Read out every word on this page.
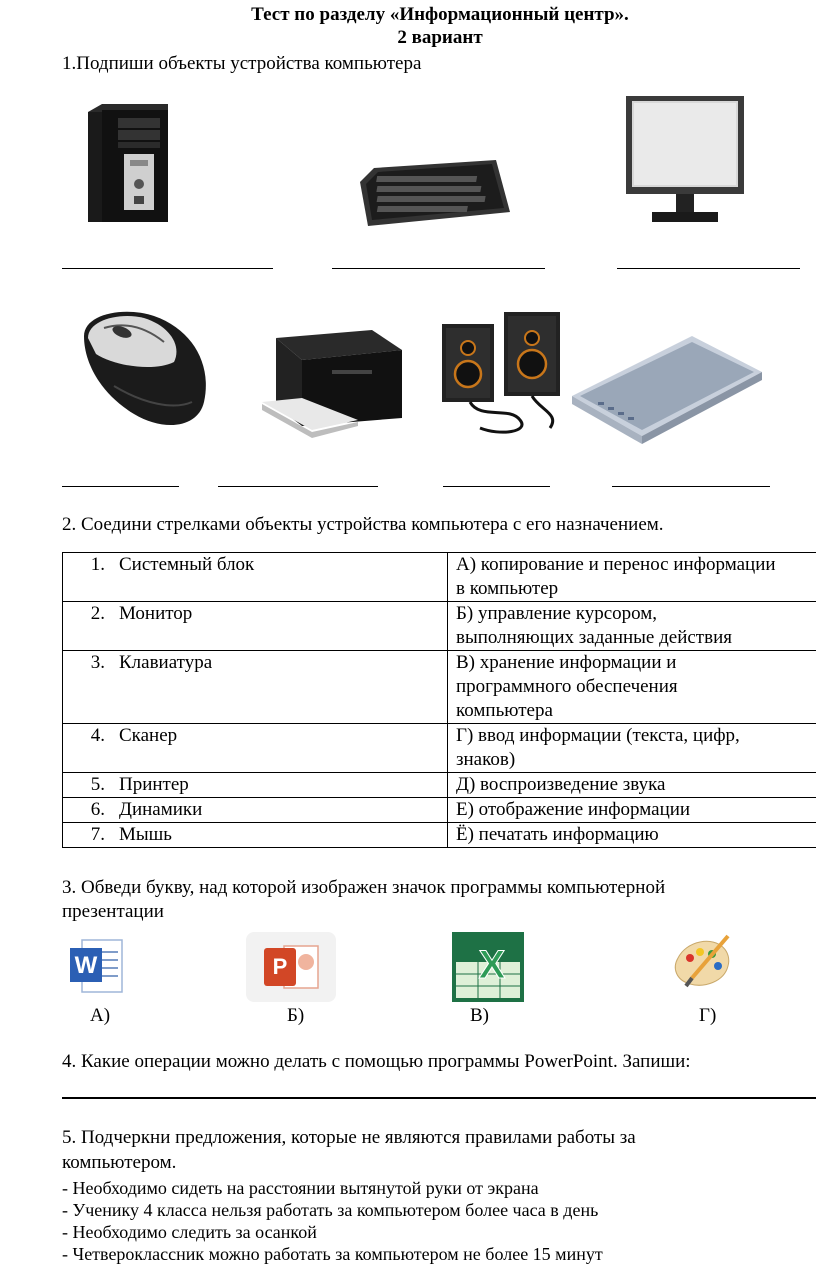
Тест по разделу «Информационный центр».
2 вариант
1.Подпиши объекты устройства компьютера
2. Соедини стрелками объекты устройства компьютера с его назначением.
1. Системный блок	А) копирование и перенос информации
в компьютер

2. Монитор	Б) управление курсором,
выполняющих заданные действия

3. Клавиатура	В) хранение информации и
программного обеспечения
компьютера

4. Сканер	Г) ввод информации (текста, цифр,
знаков)

5. Принтер	Д) воспроизведение звука

6. Динамики	Е) отображение информации

7. Мышь	Ё) печатать информацию
3. Обведи букву, над которой изображен значок программы компьютерной
презентации
W	P	X
А)	Б)	В)	Г)
4. Какие операции можно делать с помощью программы PowerPoint. Запиши:
5. Подчеркни предложения, которые не являются правилами работы за
компьютером.
- Необходимо сидеть на расстоянии вытянутой руки от экрана
- Ученику 4 класса нельзя работать за компьютером более часа в день
- Необходимо следить за осанкой
- Четвероклассник можно работать за компьютером не более 15 минут
